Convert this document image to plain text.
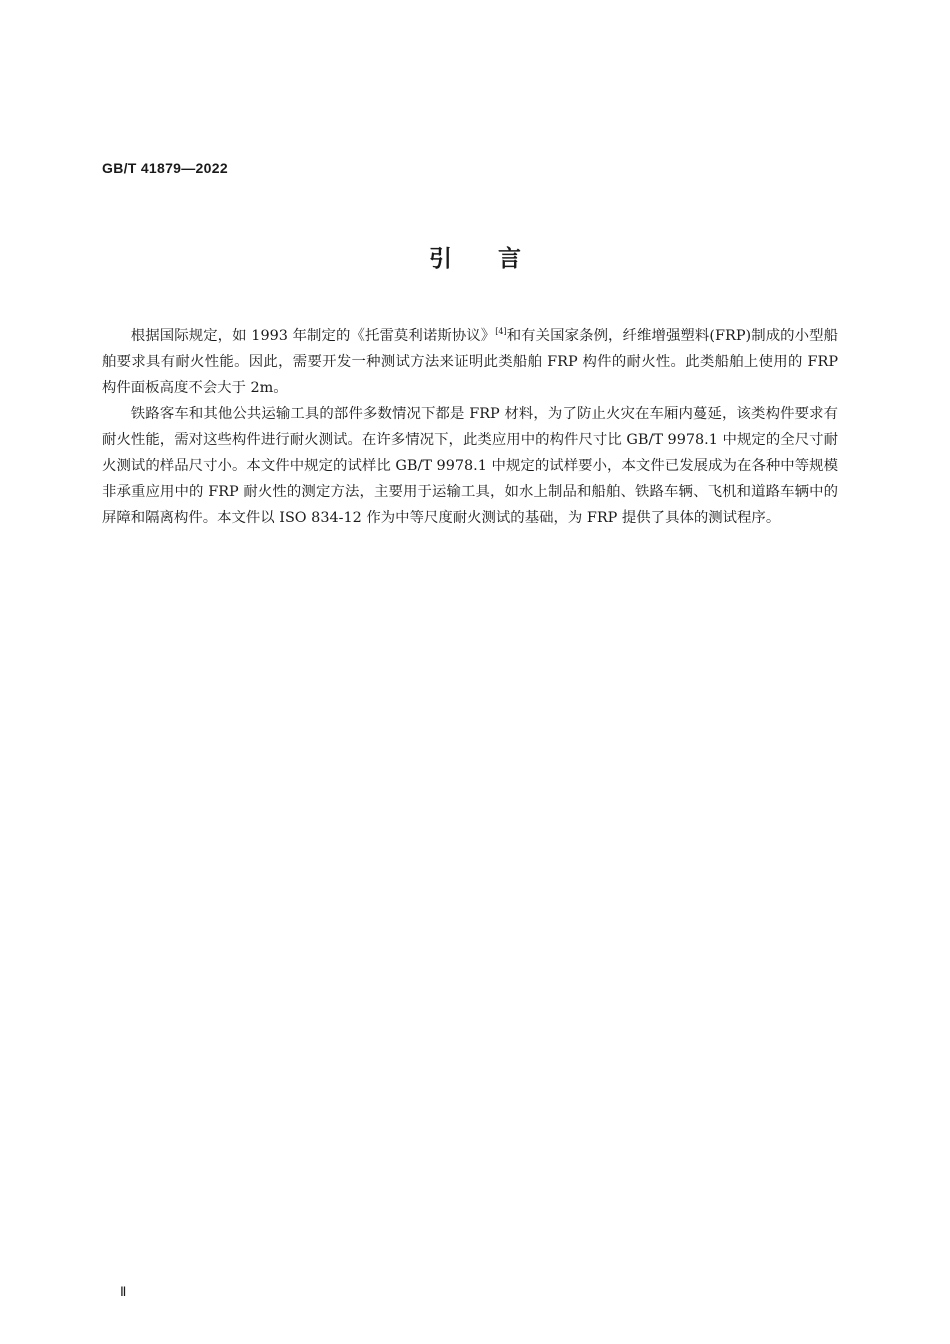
GB/T 41879—2022
引言

根据国际规定，如 1993 年制定的《托雷莫利诺斯协议》[4]和有关国家条例，纤维增强塑料(FRP)制成的小型船舶要求具有耐火性能。因此，需要开发一种测试方法来证明此类船舶 FRP 构件的耐火性。此类船舶上使用的 FRP 构件面板高度不会大于 2m。

铁路客车和其他公共运输工具的部件多数情况下都是 FRP 材料，为了防止火灾在车厢内蔓延，该类构件要求有耐火性能，需对这些构件进行耐火测试。在许多情况下，此类应用中的构件尺寸比 GB/T 9978.1 中规定的全尺寸耐火测试的样品尺寸小。本文件中规定的试样比 GB/T 9978.1 中规定的试样要小，本文件已发展成为在各种中等规模非承重应用中的 FRP 耐火性的测定方法，主要用于运输工具，如水上制品和船舶、铁路车辆、飞机和道路车辆中的屏障和隔离构件。本文件以 ISO 834-12 作为中等尺度耐火测试的基础，为 FRP 提供了具体的测试程序。

Ⅱ
